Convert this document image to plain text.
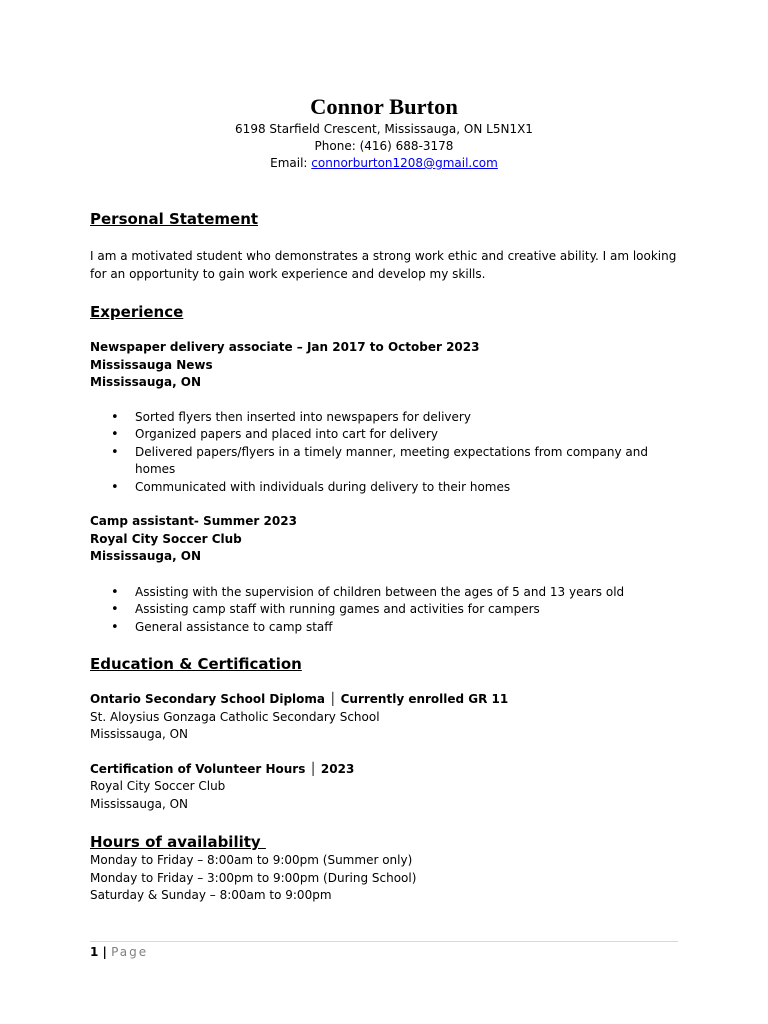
Connor Burton
6198 Starfield Crescent, Mississauga, ON L5N1X1
Phone: (416) 688-3178
Email: connorburton1208@gmail.com
Personal Statement

I am a motivated student who demonstrates a strong work ethic and creative ability. I am looking for an opportunity to gain work experience and develop my skills.

Experience
Newspaper delivery associate – Jan 2017 to October 2023
Mississauga News
Mississauga, ON
• Sorted flyers then inserted into newspapers for delivery
• Organized papers and placed into cart for delivery
• Delivered papers/flyers in a timely manner, meeting expectations from company and homes
• Communicated with individuals during delivery to their homes
Camp assistant- Summer 2023
Royal City Soccer Club
Mississauga, ON
• Assisting with the supervision of children between the ages of 5 and 13 years old
• Assisting camp staff with running games and activities for campers
• General assistance to camp staff
Education & Certification
Ontario Secondary School Diploma │ Currently enrolled GR 11
St. Aloysius Gonzaga Catholic Secondary School
Mississauga, ON
Certification of Volunteer Hours │ 2023
Royal City Soccer Club
Mississauga, ON
Hours of availability
Monday to Friday – 8:00am to 9:00pm (Summer only)
Monday to Friday – 3:00pm to 9:00pm (During School)
Saturday & Sunday – 8:00am to 9:00pm
1 | Page
